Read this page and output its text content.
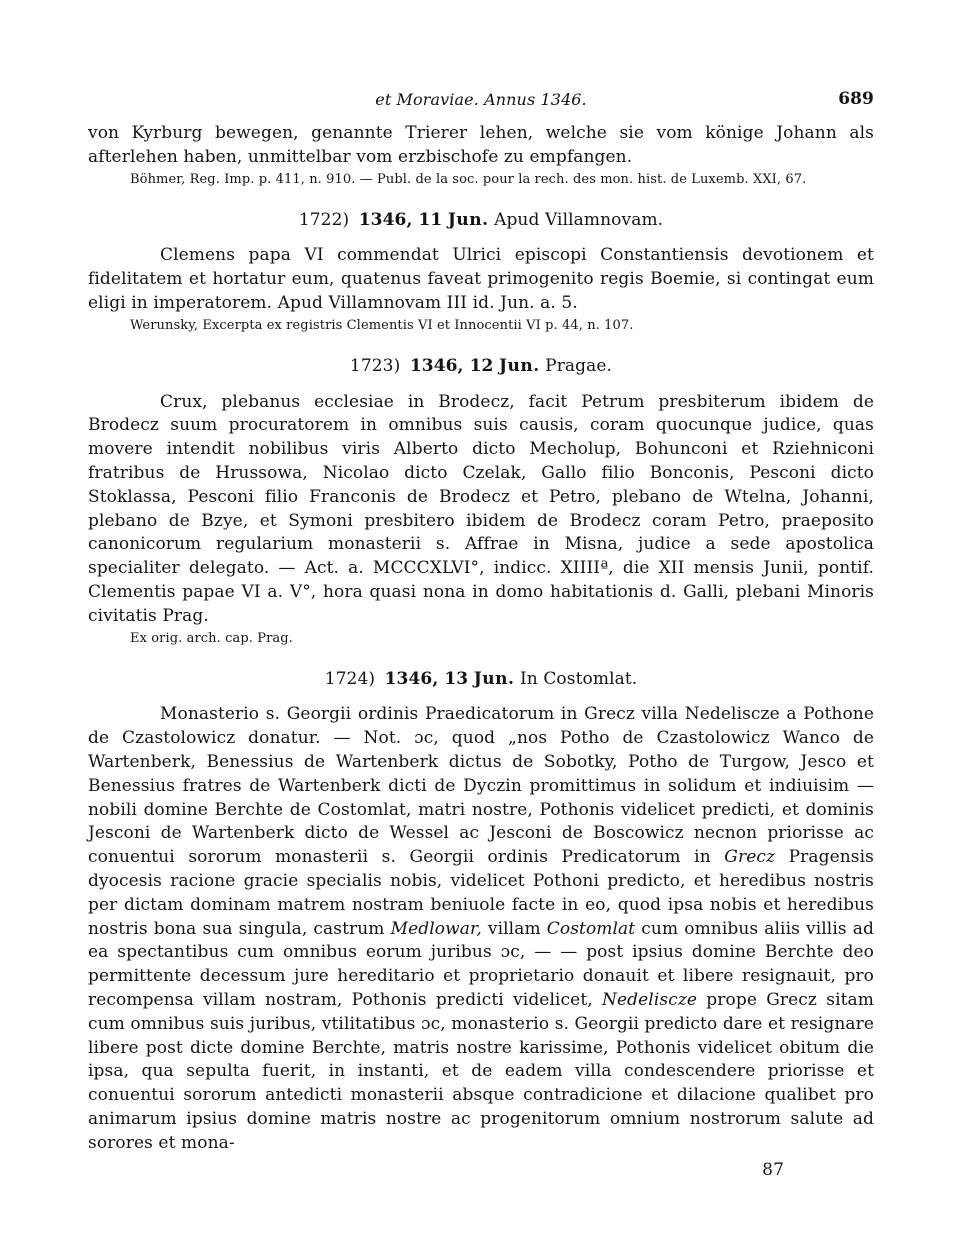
et Moraviae. Annus 1346.	689

von Kyrburg bewegen, genannte Trierer lehen, welche sie vom könige Johann als afterlehen haben, unmittelbar vom erzbischofe zu empfangen.

Böhmer, Reg. Imp. p. 411, n. 910. — Publ. de la soc. pour la rech. des mon. hist. de Luxemb. XXI, 67.

1722) 1346, 11 Jun. Apud Villamnovam.

Clemens papa VI commendat Ulrici episcopi Constantiensis devotionem et fidelitatem et hortatur eum, quatenus faveat primogenito regis Boemie, si contingat eum eligi in imperatorem. Apud Villamnovam III id. Jun. a. 5.

Werunsky, Excerpta ex registris Clementis VI et Innocentii VI p. 44, n. 107.

1723) 1346, 12 Jun. Pragae.

Crux, plebanus ecclesiae in Brodecz, facit Petrum presbiterum ibidem de Brodecz suum procuratorem in omnibus suis causis, coram quocunque judice, quas movere intendit nobilibus viris Alberto dicto Mecholup, Bohunconi et Rziehniconi fratribus de Hrussowa, Nicolao dicto Czelak, Gallo filio Bonconis, Pesconi dicto Stoklassa, Pesconi filio Franconis de Brodecz et Petro, plebano de Wtelna, Johanni, plebano de Bzye, et Symoni presbitero ibidem de Brodecz coram Petro, praeposito canonicorum regularium monasterii s. Affrae in Misna, judice a sede apostolica specialiter delegato. — Act. a. MCCCXLVI°, indicc. XIIIIª, die XII mensis Junii, pontif. Clementis papae VI a. V°, hora quasi nona in domo habitationis d. Galli, plebani Minoris civitatis Prag.

Ex orig. arch. cap. Prag.

1724) 1346, 13 Jun. In Costomlat.

Monasterio s. Georgii ordinis Praedicatorum in Grecz villa Nedeliscze a Pothone de Czastolowicz donatur. — Not. ɔc, quod „nos Potho de Czastolowicz Wanco de Wartenberk, Benessius de Wartenberk dictus de Sobotky, Potho de Turgow, Jesco et Benessius fratres de Wartenberk dicti de Dyczin promittimus in solidum et indiuisim — nobili domine Berchte de Costomlat, matri nostre, Pothonis videlicet predicti, et dominis Jesconi de Wartenberk dicto de Wessel ac Jesconi de Boscowicz necnon priorisse ac conuentui sororum monasterii s. Georgii ordinis Predicatorum in Grecz Pragensis dyocesis racione gracie specialis nobis, videlicet Pothoni predicto, et heredibus nostris per dictam dominam matrem nostram beniuole facte in eo, quod ipsa nobis et heredibus nostris bona sua singula, castrum Medlowar, villam Costomlat cum omnibus aliis villis ad ea spectantibus cum omnibus eorum juribus ɔc, — — post ipsius domine Berchte deo permittente decessum jure hereditario et proprietario donauit et libere resignauit, pro recompensa villam nostram, Pothonis predicti videlicet, Nedeliscze prope Grecz sitam cum omnibus suis juribus, vtilitatibus ɔc, monasterio s. Georgii predicto dare et resignare libere post dicte domine Berchte, matris nostre karissime, Pothonis videlicet obitum die ipsa, qua sepulta fuerit, in instanti, et de eadem villa condescendere priorisse et conuentui sororum antedicti monasterii absque contradicione et dilacione qualibet pro animarum ipsius domine matris nostre ac progenitorum omnium nostrorum salute ad sorores et mona-

87
